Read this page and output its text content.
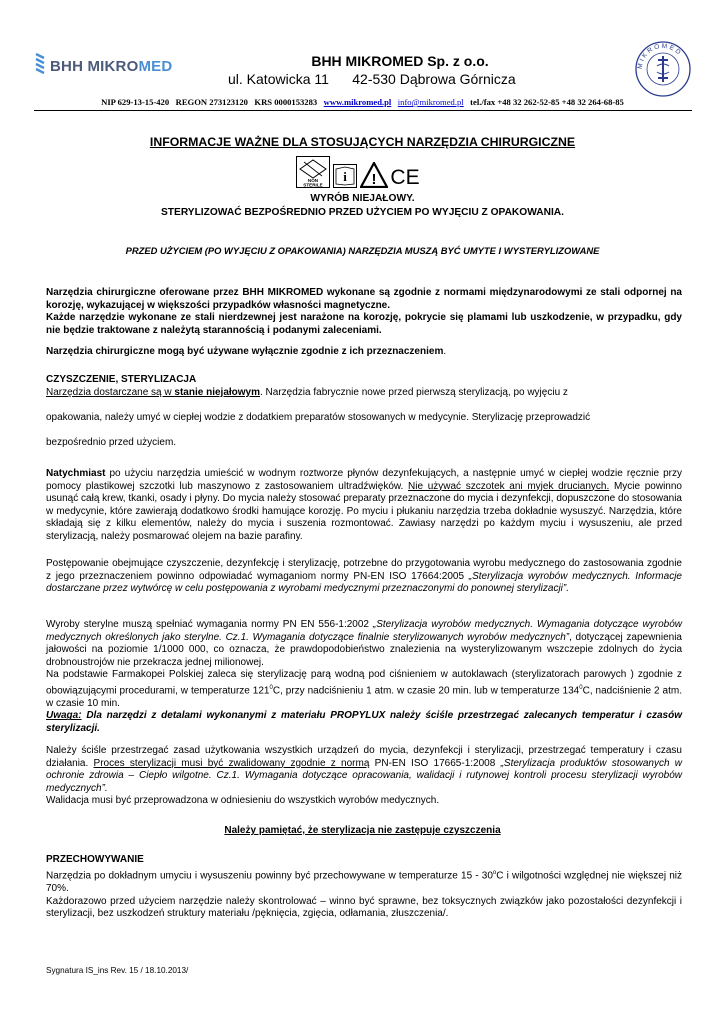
BHH MIKROMED	BHH MIKROMED Sp. z o.o.
ul. Katowicka 11      42-530 Dąbrowa Górnicza
MIKROMED
NIP 629-13-15-420 REGON 273123120 KRS 0000153283 www.mikromed.pl info@mikromed.pl tel./fax +48 32 262-52-85 +48 32 264-68-85
INFORMACJE WAŻNE DLA STOSUJĄCYCH NARZĘDZIA CHIRURGICZNE
NON
STERILE
i ! CE
WYRÓB NIEJAŁOWY.
STERYLIZOWAĆ BEZPOŚREDNIO PRZED UŻYCIEM PO WYJĘCIU Z OPAKOWANIA.
PRZED UŻYCIEM (PO WYJĘCIU Z OPAKOWANIA) NARZĘDZIA MUSZĄ BYĆ UMYTE I WYSTERYLIZOWANE

Narzędzia chirurgiczne oferowane przez BHH MIKROMED wykonane są zgodnie z normami międzynarodowymi ze stali odpornej na korozję, wykazującej w większości przypadków własności magnetyczne.
Każde narzędzie wykonane ze stali nierdzewnej jest narażone na korozję, pokrycie się plamami lub uszkodzenie, w przypadku, gdy nie będzie traktowane z należytą starannością i podanymi zaleceniami.

Narzędzia chirurgiczne mogą być używane wyłącznie zgodnie z ich przeznaczeniem.

CZYSZCZENIE, STERYLIZACJA

Narzędzia dostarczane są w stanie niejałowym. Narzędzia fabrycznie nowe przed pierwszą sterylizacją, po wyjęciu z

opakowania, należy umyć w ciepłej wodzie z dodatkiem preparatów stosowanych w medycynie. Sterylizację przeprowadzić

bezpośrednio przed użyciem.

Natychmiast po użyciu narzędzia umieścić w wodnym roztworze płynów dezynfekujących, a następnie umyć w ciepłej wodzie ręcznie przy pomocy plastikowej szczotki lub maszynowo z zastosowaniem ultradźwięków. Nie używać szczotek ani myjek drucianych. Mycie powinno usunąć całą krew, tkanki, osady i płyny. Do mycia należy stosować preparaty przeznaczone do mycia i dezynfekcji, dopuszczone do stosowania w medycynie, które zawierają dodatkowo środki hamujące korozję. Po myciu i płukaniu narzędzia trzeba dokładnie wysuszyć. Narzędzia, które składają się z kilku elementów, należy do mycia i suszenia rozmontować. Zawiasy narzędzi po każdym myciu i wysuszeniu, ale przed sterylizacją, należy posmarować olejem na bazie parafiny.

Postępowanie obejmujące czyszczenie, dezynfekcję i sterylizację, potrzebne do przygotowania wyrobu medycznego do zastosowania zgodnie z jego przeznaczeniem powinno odpowiadać wymaganiom normy PN-EN ISO 17664:2005 „Sterylizacja wyrobów medycznych. Informacje dostarczane przez wytwórcę w celu postępowania z wyrobami medycznymi przeznaczonymi do ponownej sterylizacji”.

Wyroby sterylne muszą spełniać wymagania normy PN EN 556-1:2002 „Sterylizacja wyrobów medycznych. Wymagania dotyczące wyrobów medycznych określonych jako sterylne. Cz.1. Wymagania dotyczące finalnie sterylizowanych wyrobów medycznych”, dotyczącej zapewnienia jałowości na poziomie 1/1000 000, co oznacza, że prawdopodobieństwo znalezienia na wysterylizowanym wszczepie zdolnych do życia drobnoustrojów nie przekracza jednej milionowej.
Na podstawie Farmakopei Polskiej zaleca się sterylizację parą wodną pod ciśnieniem w autoklawach (sterylizatorach parowych ) zgodnie z obowiązującymi procedurami, w temperaturze $121^0C$, przy nadciśnieniu 1 atm. w czasie 20 min. lub w temperaturze $134^0C$, nadciśnienie 2 atm. w czasie 10 min.
Uwaga: Dla narzędzi z detalami wykonanymi z materiału PROPYLUX należy ściśle przestrzegać zalecanych temperatur i czasów sterylizacji.

Należy ściśle przestrzegać zasad użytkowania wszystkich urządzeń do mycia, dezynfekcji i sterylizacji, przestrzegać temperatury i czasu działania. Proces sterylizacji musi być zwalidowany zgodnie z normą PN-EN ISO 17665-1:2008 „Sterylizacja produktów stosowanych w ochronie zdrowia – Ciepło wilgotne. Cz.1. Wymagania dotyczące opracowania, walidacji i rutynowej kontroli procesu sterylizacji wyrobów medycznych”.
Walidacja musi być przeprowadzona w odniesieniu do wszystkich wyrobów medycznych.

Należy pamiętać, że sterylizacja nie zastępuje czyszczenia
PRZECHOWYWANIE

Narzędzia po dokładnym umyciu i wysuszeniu powinny być przechowywane w temperaturze 15 - 30$^o$C i wilgotności względnej nie większej niż 70%.
Każdorazowo przed użyciem narzędzie należy skontrolować – winno być sprawne, bez toksycznych związków jako pozostałości dezynfekcji i sterylizacji, bez uszkodzeń struktury materiału /pęknięcia, zgięcia, odłamania, złuszczenia/.

Sygnatura IS_ins Rev. 15 / 18.10.2013/
